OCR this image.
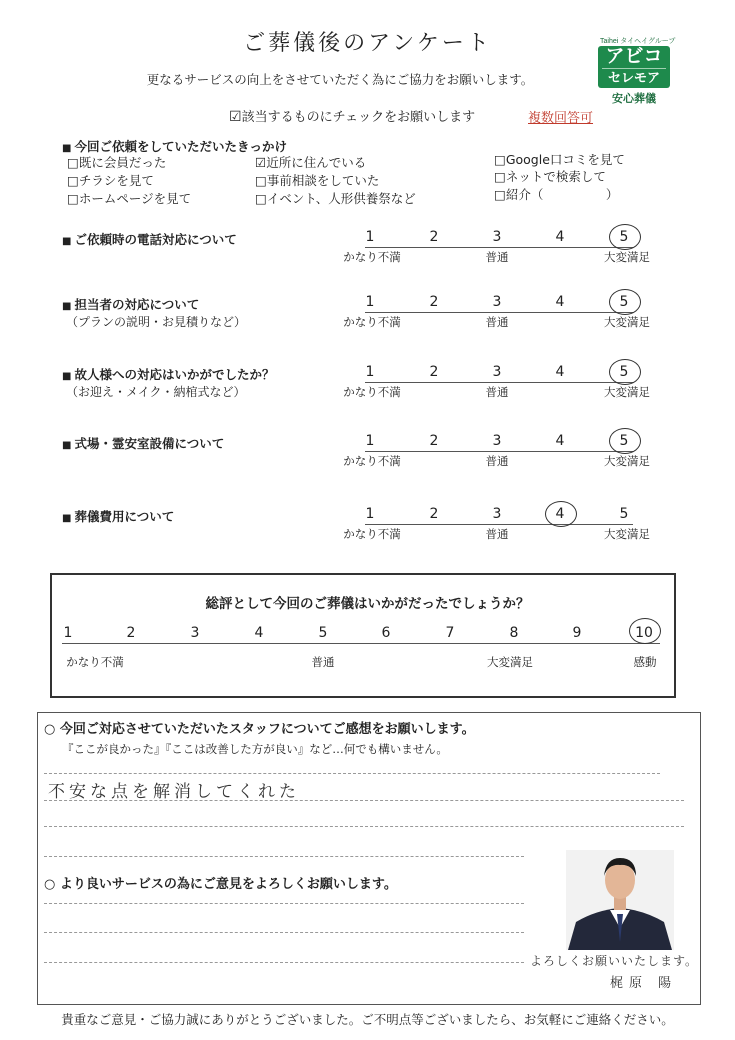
ご葬儀後のアンケート
更なるサービスの向上をさせていただく為にご協力をお願いします。
Taihei タイヘイグループ
アビコ
セレモア
安心葬儀
☑該当するものにチェックをお願いします	複数回答可
■ 今回ご依頼をしていただいたきっかけ
□既に会員だった
□チラシを見て
□ホームページを見て
☑近所に住んでいる
□事前相談をしていた
□イベント、人形供養祭など
□Google口コミを見て
□ネットで検索して
□紹介（　　　　　）
■ ご依頼時の電話対応について	1	2	3	4	5
かなり不満	普通	大変満足
■ 担当者の対応について
（プランの説明・お見積りなど）
1	2	3	4	5
かなり不満	普通	大変満足
■ 故人様への対応はいかがでしたか？
（お迎え・メイク・納棺式など）
1	2	3	4	5
かなり不満	普通	大変満足
■ 式場・霊安室設備について	1	2	3	4	5
かなり不満	普通	大変満足
■ 葬儀費用について	1	2	3	4	5
かなり不満	普通	大変満足
総評として今回のご葬儀はいかがだったでしょうか？
1	2	3	4	5	6	7	8	9	10
かなり不満	普通	大変満足	感動
○ 今回ご対応させていただいたスタッフについてご感想をお願いします。
『ここが良かった』『ここは改善した方が良い』など…何でも構いません。
不安な点を解消してくれた
○ より良いサービスの為にご意見をよろしくお願いします。
よろしくお願いいたします。
梶原 陽
貴重なご意見・ご協力誠にありがとうございました。ご不明点等ございましたら、お気軽にご連絡ください。
